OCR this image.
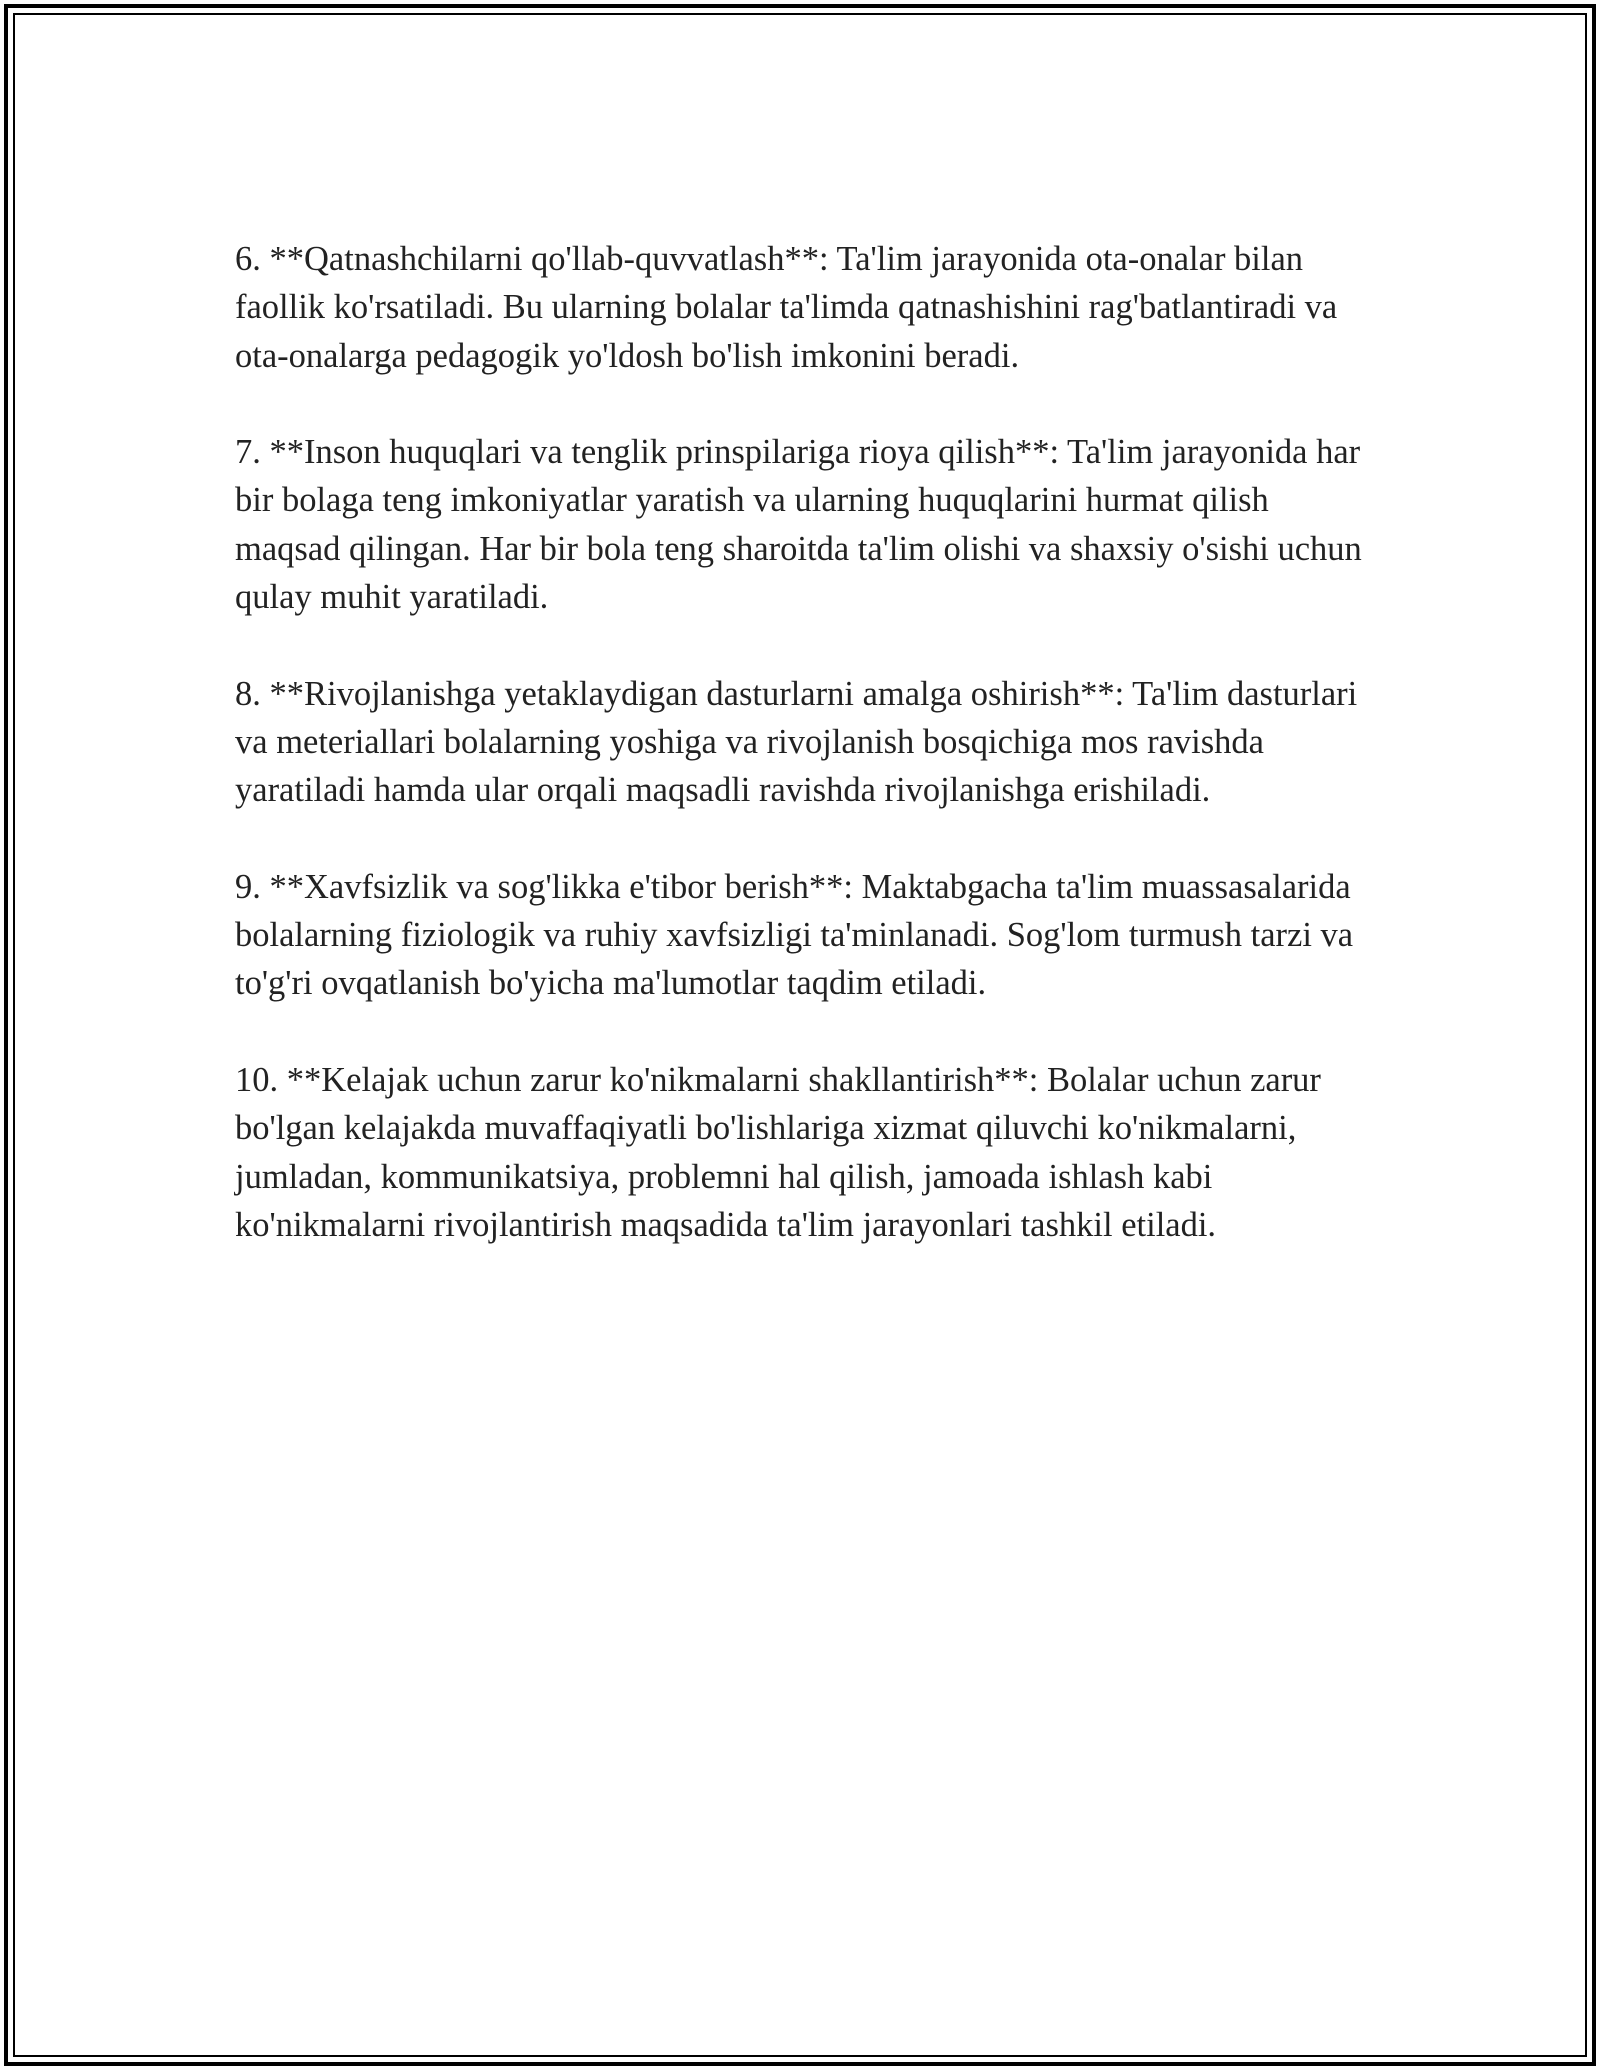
6. **Qatnashchilarni qo'llab-quvvatlash**: Ta'lim jarayonida ota-onalar bilan faollik ko'rsatiladi. Bu ularning bolalar ta'limda qatnashishini rag'batlantiradi va ota-onalarga pedagogik yo'ldosh bo'lish imkonini beradi.

7. **Inson huquqlari va tenglik prinspilariga rioya qilish**: Ta'lim jarayonida har bir bolaga teng imkoniyatlar yaratish va ularning huquqlarini hurmat qilish maqsad qilingan. Har bir bola teng sharoitda ta'lim olishi va shaxsiy o'sishi uchun qulay muhit yaratiladi.

8. **Rivojlanishga yetaklaydigan dasturlarni amalga oshirish**: Ta'lim dasturlari va meteriallari bolalarning yoshiga va rivojlanish bosqichiga mos ravishda yaratiladi hamda ular orqali maqsadli ravishda rivojlanishga erishiladi.

9. **Xavfsizlik va sog'likka e'tibor berish**: Maktabgacha ta'lim muassasalarida bolalarning fiziologik va ruhiy xavfsizligi ta'minlanadi. Sog'lom turmush tarzi va to'g'ri ovqatlanish bo'yicha ma'lumotlar taqdim etiladi.

10. **Kelajak uchun zarur ko'nikmalarni shakllantirish**: Bolalar uchun zarur bo'lgan kelajakda muvaffaqiyatli bo'lishlariga xizmat qiluvchi ko'nikmalarni, jumladan, kommunikatsiya, problemni hal qilish, jamoada ishlash kabi ko'nikmalarni rivojlantirish maqsadida ta'lim jarayonlari tashkil etiladi.
